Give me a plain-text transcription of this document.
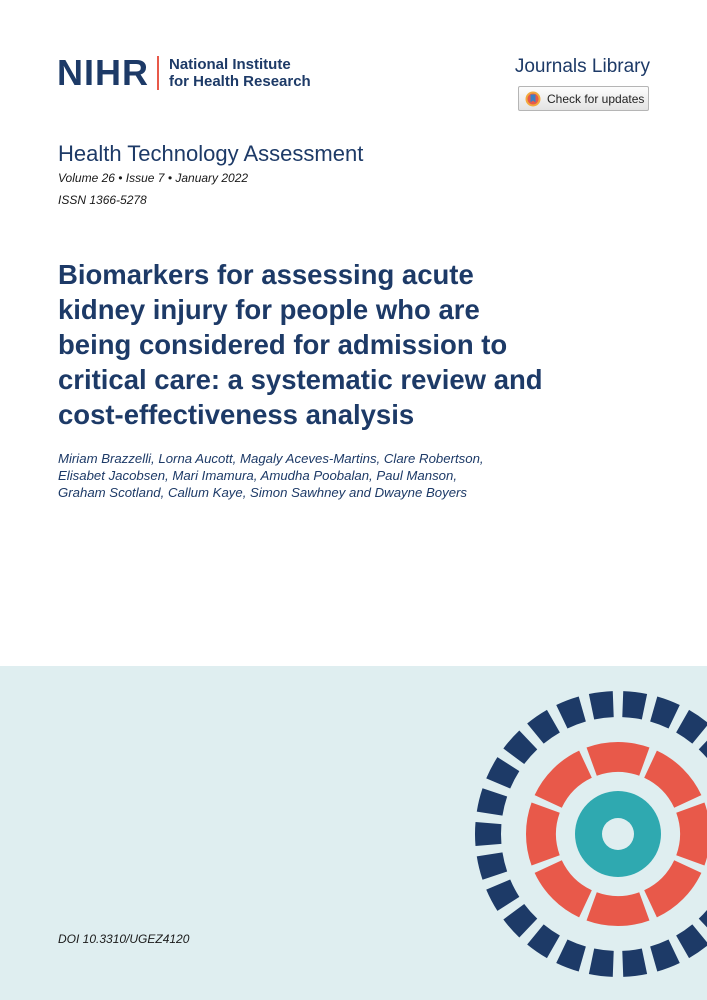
NIHR National Institute
for Health Research
Journals Library
Check for updates
Health Technology Assessment
Volume 26 • Issue 7 • January 2022
ISSN 1366-5278
Biomarkers for assessing acute kidney injury for people who are being considered for admission to critical care: a systematic review and cost-effectiveness analysis
Miriam Brazzelli, Lorna Aucott, Magaly Aceves-Martins, Clare Robertson,
Elisabet Jacobsen, Mari Imamura, Amudha Poobalan, Paul Manson,
Graham Scotland, Callum Kaye, Simon Sawhney and Dwayne Boyers
DOI 10.3310/UGEZ4120
